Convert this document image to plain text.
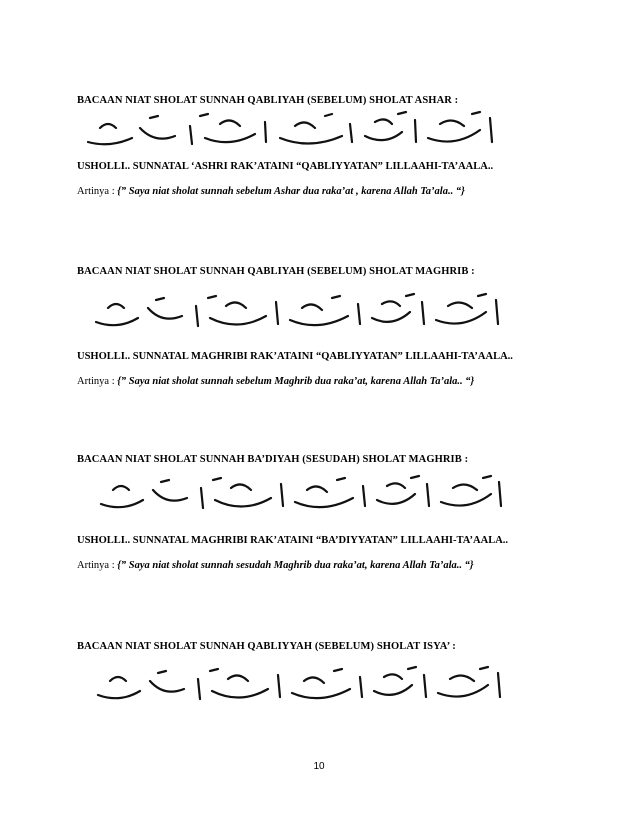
BACAAN NIAT SHOLAT SUNNAH QABLIYAH (SEBELUM) SHOLAT ASHAR :
أُصَلِّي سُنَّةَ الْعَصْرِ رَكْعَتَيْنِ قَبْلِيَّةً لِلَّهِ تَعَالَى
USHOLLI.. SUNNATAL ‘ASHRI RAK’ATAINI “QABLIYYATAN” LILLAAHI-TA’AALA..
Artinya : {” Saya niat sholat sunnah sebelum Ashar dua raka’at , karena Allah Ta’ala.. “}
BACAAN NIAT SHOLAT SUNNAH QABLIYAH (SEBELUM) SHOLAT MAGHRIB :
أُصَلِّي سُنَّةَ الْمَغْرِبِ رَكْعَتَيْنِ قَبْلِيَّةً لِلَّهِ تَعَالَى
USHOLLI.. SUNNATAL MAGHRIBI RAK’ATAINI “QABLIYYATAN” LILLAAHI-TA’AALA..
Artinya : {” Saya niat sholat sunnah sebelum Maghrib dua raka’at, karena Allah Ta’ala.. “}
BACAAN NIAT SHOLAT SUNNAH BA’DIYAH (SESUDAH) SHOLAT MAGHRIB :
أُصَلِّي سُنَّةَ الْمَغْرِبِ رَكْعَتَيْنِ بَعْدِيَّةً لِلَّهِ تَعَالَى
USHOLLI.. SUNNATAL MAGHRIBI RAK’ATAINI “BA’DIYYATAN” LILLAAHI-TA’AALA..
Artinya : {” Saya niat sholat sunnah sesudah Maghrib dua raka’at, karena Allah Ta’ala.. “}
BACAAN NIAT SHOLAT SUNNAH QABLIYYAH (SEBELUM) SHOLAT ISYA’ :
أُصَلِّي سُنَّةَ الْعِشَاءِ رَكْعَتَيْنِ قَبْلِيَّةً لِلَّهِ تَعَالَى
10
